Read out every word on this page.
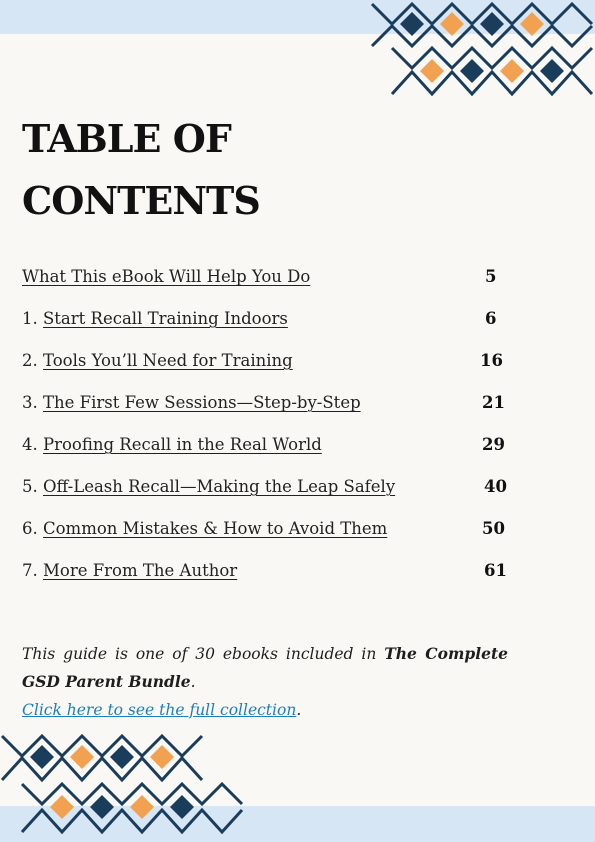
TABLE OF
CONTENTS
What This eBook Will Help You Do	5
1. Start Recall Training Indoors	6
2. Tools You’ll Need for Training	16
3. The First Few Sessions—Step-by-Step	21
4. Proofing Recall in the Real World	29
5. Off-Leash Recall—Making the Leap Safely	40
6. Common Mistakes & How to Avoid Them	50
7. More From The Author	61

This guide is one of 30 ebooks included in The Complete GSD Parent Bundle.
Click here to see the full collection.
